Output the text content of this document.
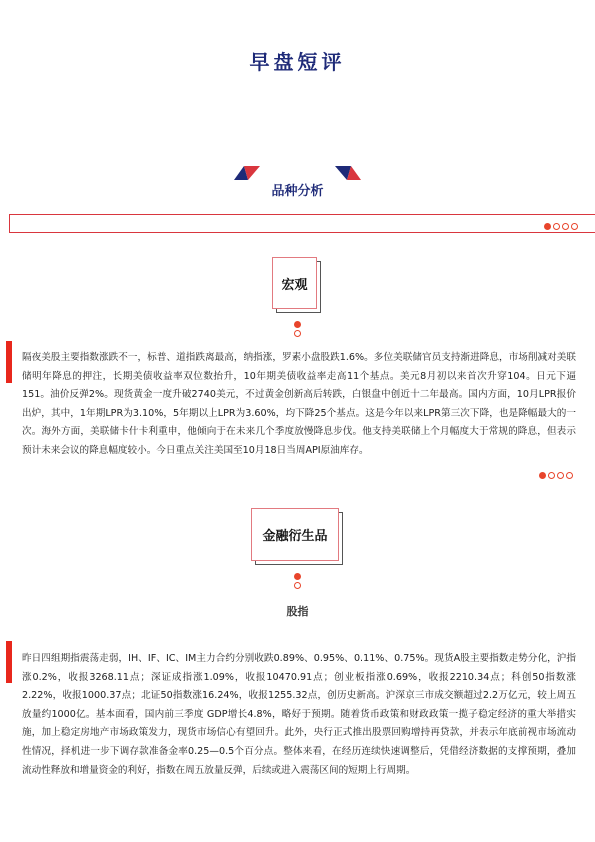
早盘短评
品种分析
宏观
隔夜美股主要指数涨跌不一，标普、道指跌离最高，纳指涨，罗素小盘股跌1.6%。多位美联储官员支持渐进降息，市场削减对美联储明年降息的押注，长期美债收益率双位数抬升，10年期美债收益率走高11个基点。美元8月初以来首次升穿104。日元下逼151。油价反弹2%。现货黄金一度升破2740美元，不过黄金创新高后转跌，白银盘中创近十二年最高。国内方面，10月LPR报价出炉，其中，1年期LPR为3.10%，5年期以上LPR为3.60%，均下降25个基点。这是今年以来LPR第三次下降，也是降幅最大的一次。海外方面，美联储卡什卡利重申，他倾向于在未来几个季度放慢降息步伐。他支持美联储上个月幅度大于常规的降息，但表示预计未来会议的降息幅度较小。今日重点关注美国至10月18日当周API原油库存。
金融衍生品
股指
昨日四组期指震荡走弱，IH、IF、IC、IM主力合约分别收跌0.89%、0.95%、0.11%、0.75%。现货A股主要指数走势分化，沪指涨0.2%，收报3268.11点；深证成指涨1.09%，收报10470.91点；创业板指涨0.69%，收报2210.34点；科创50指数涨2.22%，收报1000.37点；北证50指数涨16.24%，收报1255.32点，创历史新高。沪深京三市成交额超过2.2万亿元，较上周五放量约1000亿。基本面看，国内前三季度 GDP增长4.8%，略好于预期。随着货币政策和财政政策一揽子稳定经济的重大举措实施，加上稳定房地产市场政策发力，现货市场信心有望回升。此外，央行正式推出股票回购增持再贷款，并表示年底前视市场流动性情况，择机进一步下调存款准备金率0.25—0.5个百分点。整体来看，在经历连续快速调整后，凭借经济数据的支撑预期，叠加流动性释放和增量资金的利好，指数在周五放量反弹，后续或进入震荡区间的短期上行周期。
